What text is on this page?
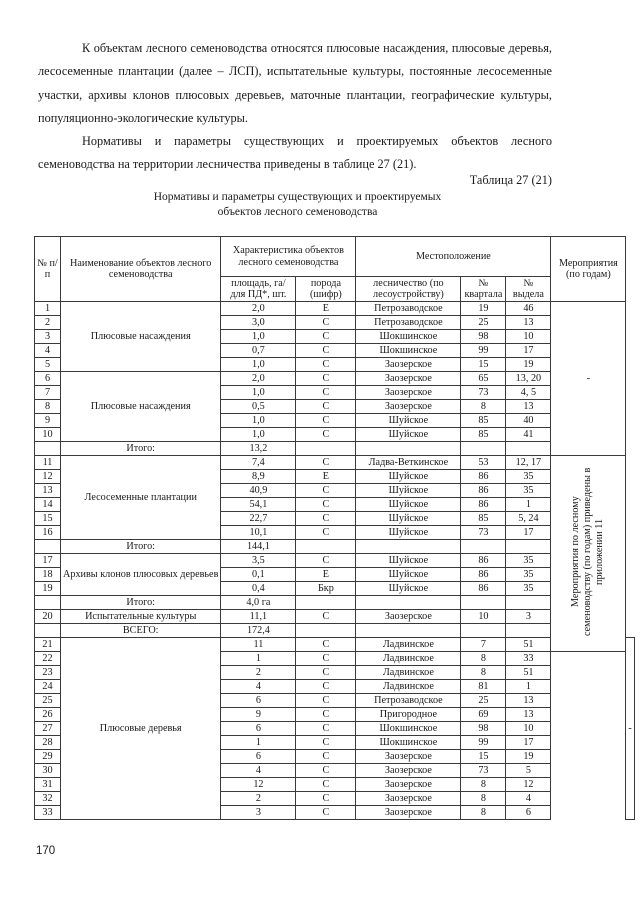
К объектам лесного семеноводства относятся плюсовые насаждения, плюсовые деревья, лесосеменные плантации (далее – ЛСП), испытательные культуры, постоянные лесосеменные участки, архивы клонов плюсовых деревьев, маточные плантации, географические культуры, популяционно-экологические культуры.

Нормативы и параметры существующих и проектируемых объектов лесного семеноводства на территории лесничества приведены в таблице 27 (21).

Таблица 27 (21)
Нормативы и параметры существующих и проектируемых
объектов лесного семеноводства
№ п/п	Наименование объектов лесного семеноводства	Характеристика объектов лесного семеноводства		Местоположение			Мероприятия (по годам)	
		площадь, га/ для ПД*, шт.	порода (шифр)	лесничество (по лесоустройству)	№ квартала	№ выдела		
1	Плюсовые насаждения	2,0	Е	Петрозаводское	19	46	-	
2		3,0	С	Петрозаводское	25	13		
3		1,0	С	Шокшинское	98	10		
4		0,7	С	Шокшинское	99	17		
5		1,0	С	Заозерское	15	19		
6	Плюсовые насаждения	2,0	С	Заозерское	65	13, 20		
7		1,0	С	Заозерское	73	4, 5		
8		0,5	С	Заозерское	8	13		
9		1,0	С	Шуйское	85	40		
10		1,0	С	Шуйское	85	41		
	Итого:	13,2						
11	Лесосеменные плантации	7,4	С	Ладва-Веткинское	53	12, 17	Мероприятия по лесному семеноводству (по годам) приведены в приложении 11	
12		8,9	Е	Шуйское	86	35		
13		40,9	С	Шуйское	86	35		
14		54,1	С	Шуйское	86	1		
15		22,7	С	Шуйское	85	5, 24		
16		10,1	С	Шуйское	73	17		
	Итого:	144,1						
17	Архивы клонов плюсовых деревьев	3,5	С	Шуйское	86	35		
18		0,1	Е	Шуйское	86	35		
19		0,4	Бкр	Шуйское	86	35		
	Итого:	4,0 га						
20	Испытательные культуры	11,1	С	Заозерское	10	3		
	ВСЕГО:	172,4						
21	Плюсовые деревья	11	С	Ладвинское	7	51		-
22		1	С	Ладвинское	8	33		
23		2	С	Ладвинское	8	51		
24		4	С	Ладвинское	81	1		
25		6	С	Петрозаводское	25	13		
26		9	С	Пригородное	69	13		
27		6	С	Шокшинское	98	10		
28		1	С	Шокшинское	99	17		
29		6	С	Заозерское	15	19		
30		4	С	Заозерское	73	5		
31		12	С	Заозерское	8	12		
32		2	С	Заозерское	8	4		
33		3	С	Заозерское	8	6		
170
